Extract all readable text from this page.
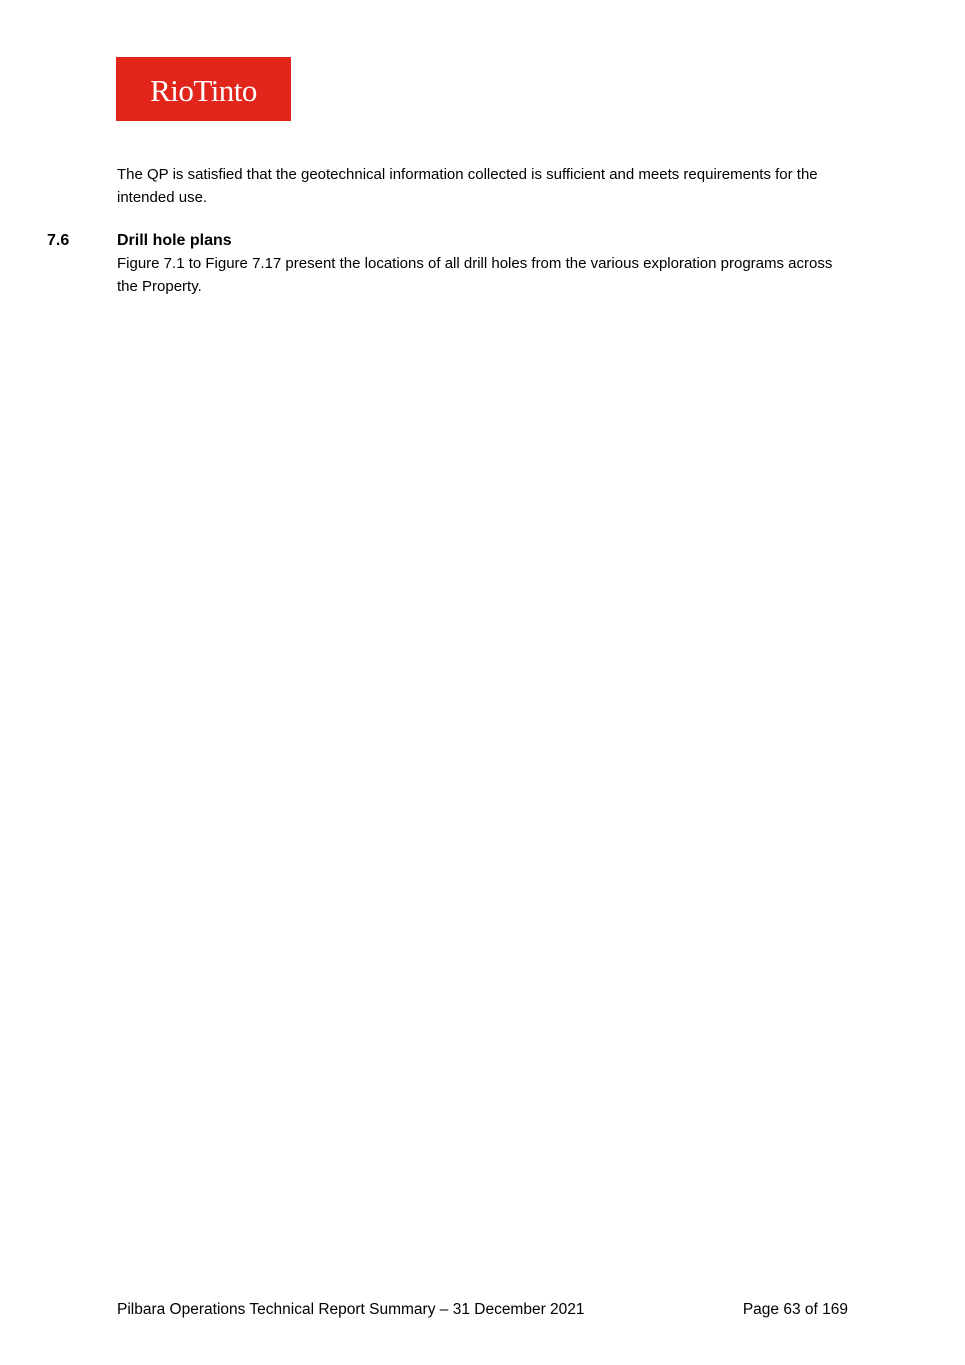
RioTinto

The QP is satisfied that the geotechnical information collected is sufficient and meets requirements for the intended use.

7.6	Drill hole plans

Figure 7.1 to Figure 7.17 present the locations of all drill holes from the various exploration programs across the Property.

Pilbara Operations Technical Report Summary – 31 December 2021	Page 63 of 169
